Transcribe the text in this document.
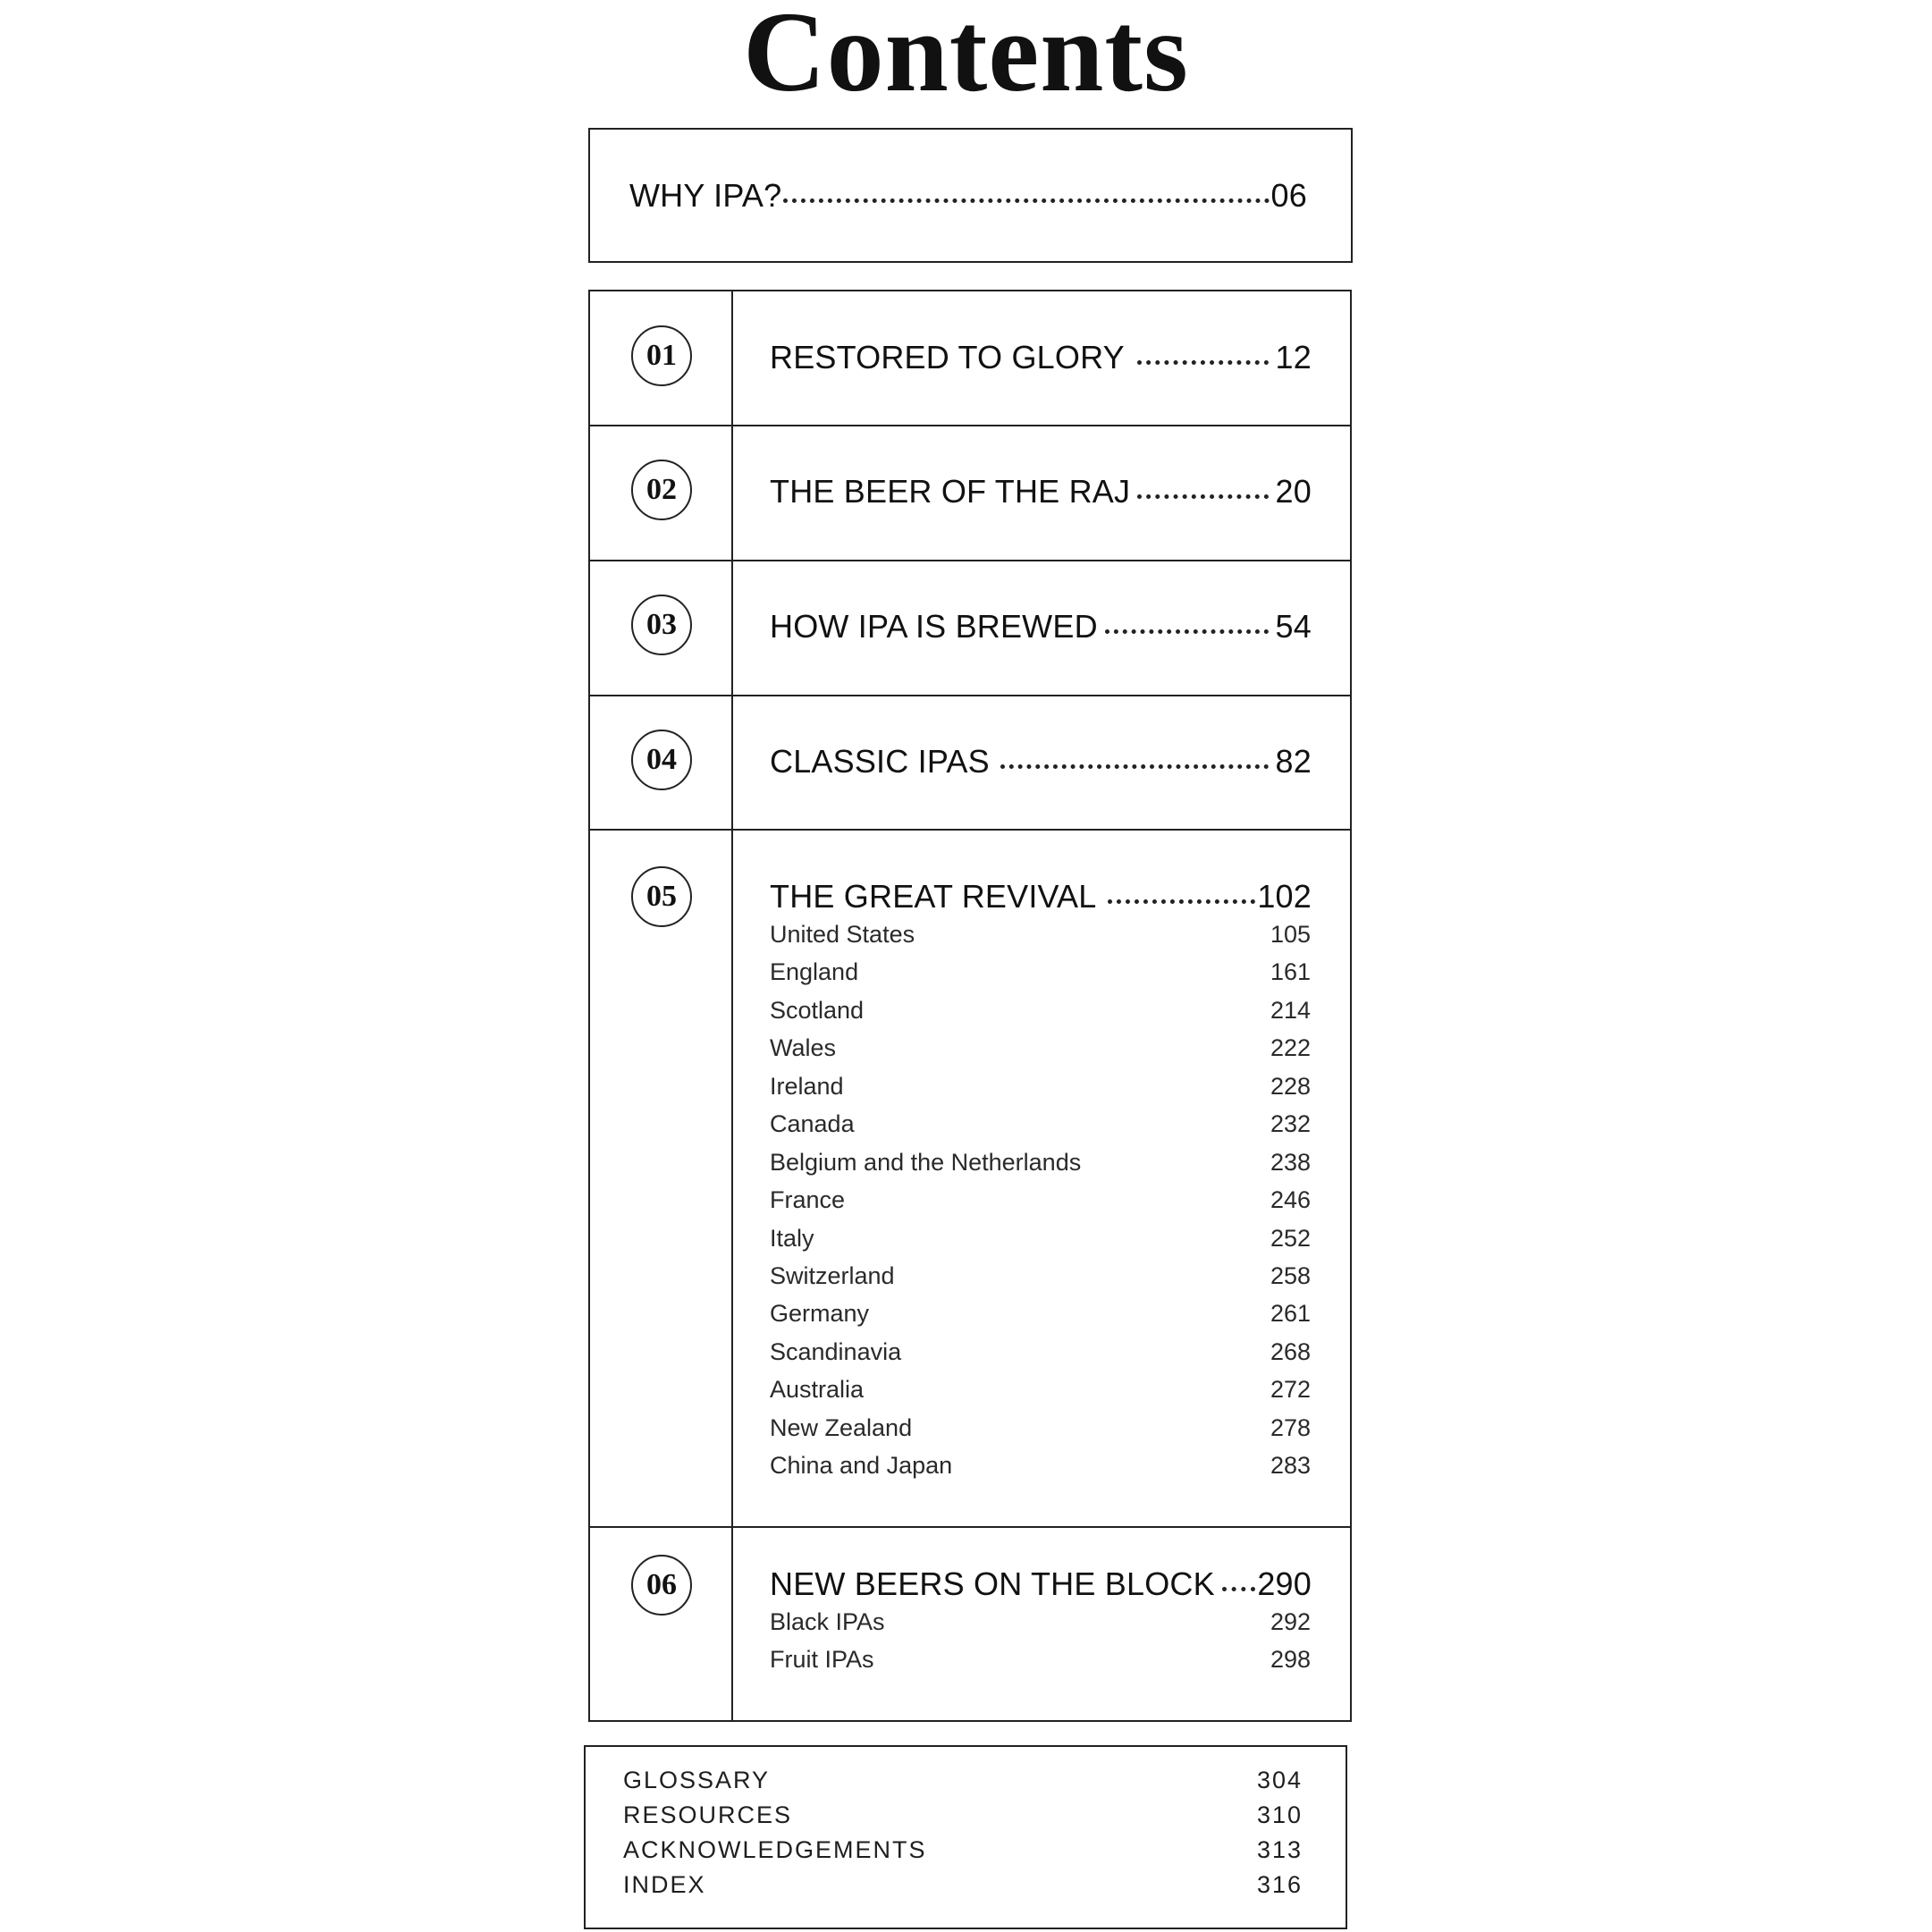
Contents
WHY IPA?	06
01	RESTORED TO GLORY	12
02	THE BEER OF THE RAJ	20
03	HOW IPA IS BREWED	54
04	CLASSIC IPAS	82
05	THE GREAT REVIVAL	102
United States	105
England	161
Scotland	214
Wales	222
Ireland	228
Canada	232
Belgium and the Netherlands	238
France	246
Italy	252
Switzerland	258
Germany	261
Scandinavia	268
Australia	272
New Zealand	278
China and Japan	283
06	NEW BEERS ON THE BLOCK 290
Black IPAs	292
Fruit IPAs	298
GLOSSARY	304
RESOURCES	310
ACKNOWLEDGEMENTS	313
INDEX	316
